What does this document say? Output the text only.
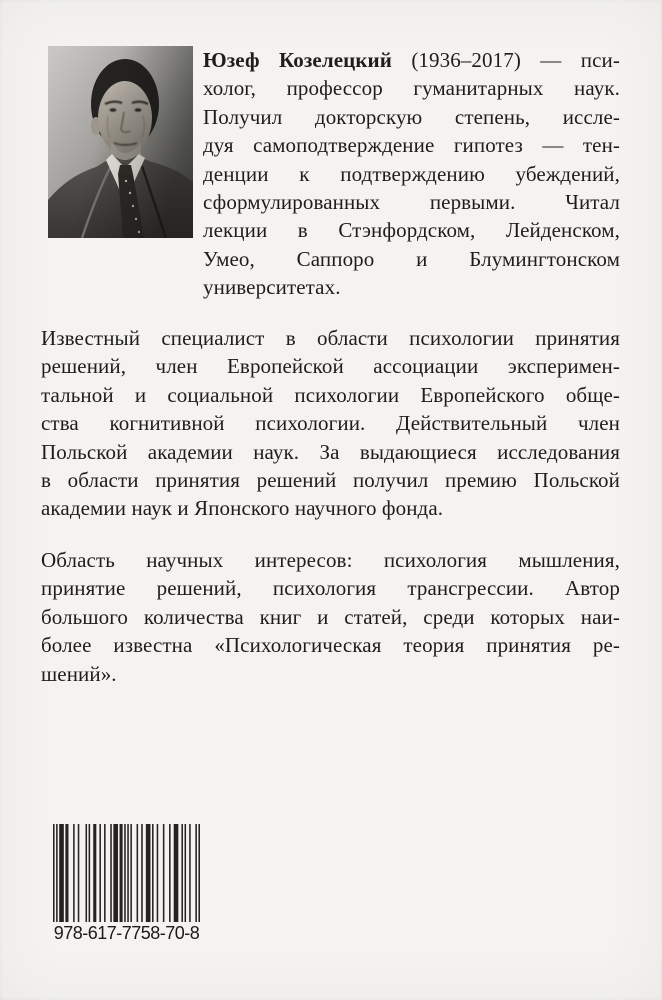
Юзеф Козелецкий (1936–2017) — пси-
холог, профессор гуманитарных наук.
Получил докторскую степень, иссле-
дуя самоподтверждение гипотез — тен-
денции к подтверждению убеждений,
сформулированных первыми. Читал
лекции в Стэнфордском, Лейденском,
Умео, Саппоро и Блумингтонском
университетах.
Известный специалист в области психологии принятия
решений, член Европейской ассоциации эксперимен-
тальной и социальной психологии Европейского обще-
ства когнитивной психологии. Действительный член
Польской академии наук. За выдающиеся исследования
в области принятия решений получил премию Польской
академии наук и Японского научного фонда.
Область научных интересов: психология мышления,
принятие решений, психология трансгрессии. Автор
большого количества книг и статей, среди которых наи-
более известна «Психологическая теория принятия ре-
шений».
978-617-7758-70-8
